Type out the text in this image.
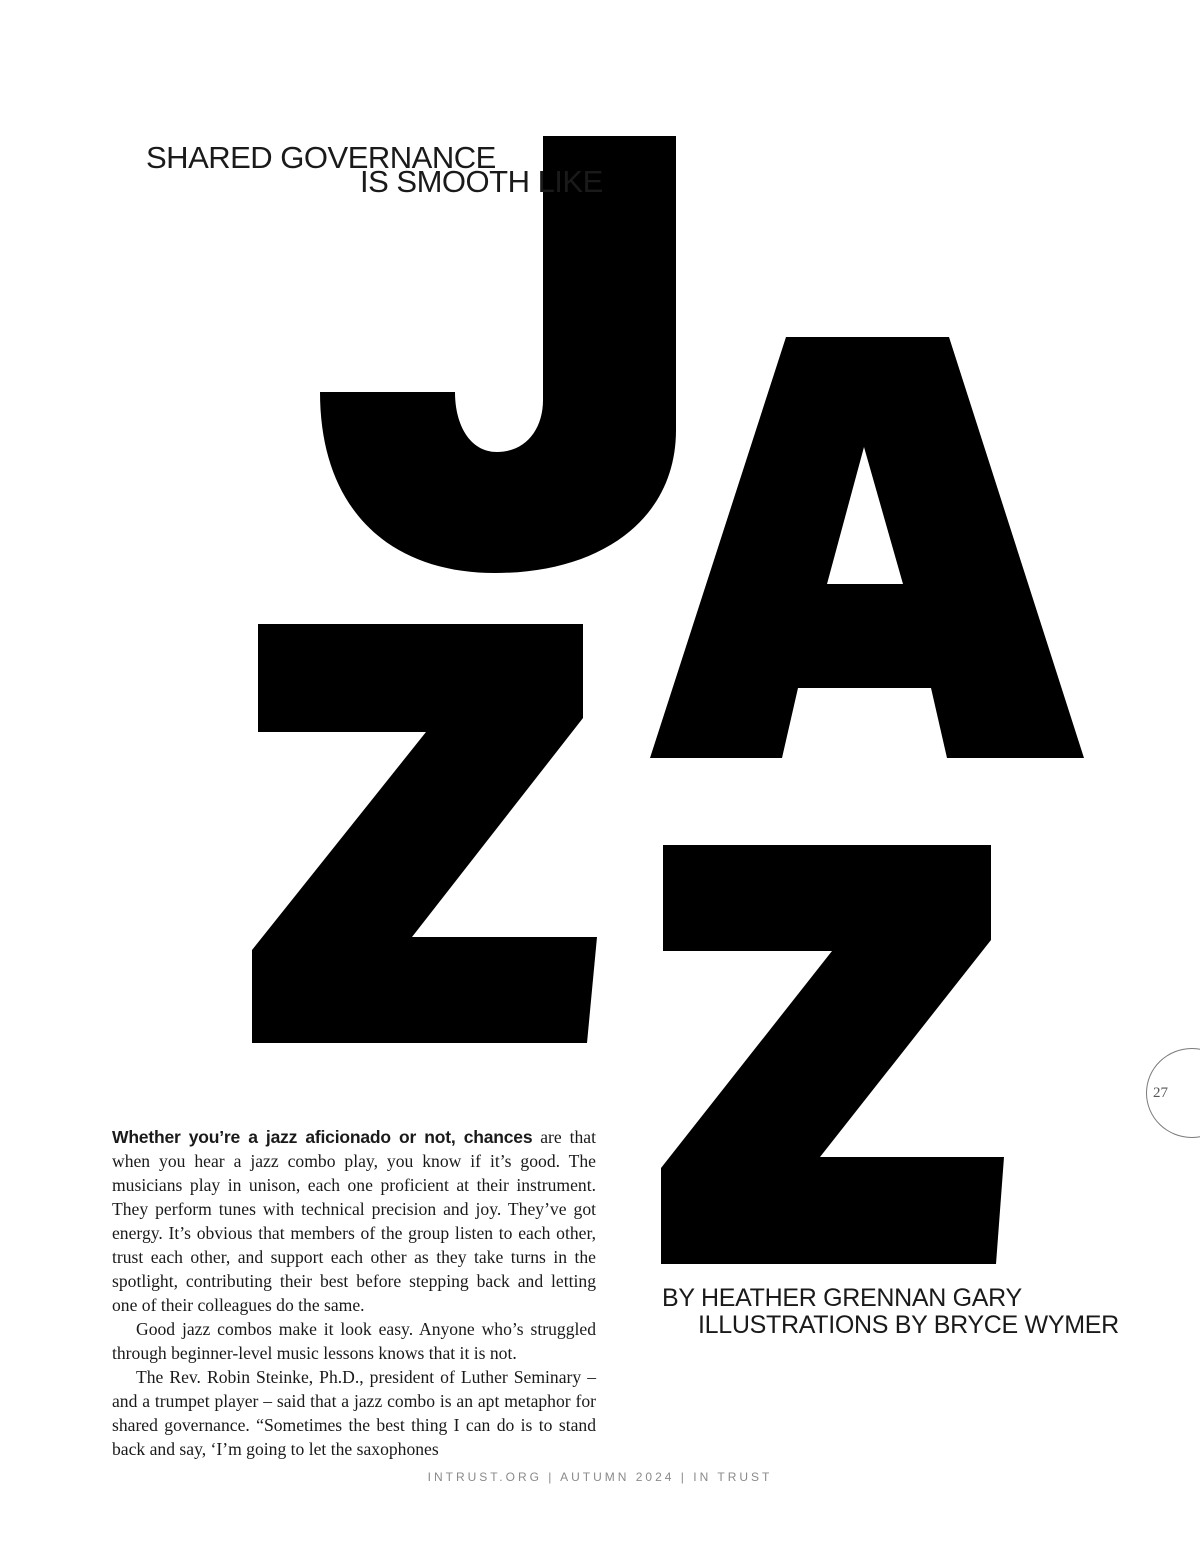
SHARED GOVERNANCE
IS SMOOTH LIKE
27

BY HEATHER GRENNAN GARY

ILLUSTRATIONS BY BRYCE WYMER

Whether you’re a jazz aficionado or not, chances are that when you hear a jazz combo play, you know if it’s good. The musicians play in unison, each one proficient at their instrument. They perform tunes with technical precision and joy. They’ve got energy. It’s obvious that members of the group listen to each other, trust each other, and support each other as they take turns in the spotlight, contributing their best before stepping back and letting one of their colleagues do the same.

Good jazz combos make it look easy. Anyone who’s struggled through beginner-level music lessons knows that it is not.

The Rev. Robin Steinke, Ph.D., president of Luther Seminary – and a trumpet player – said that a jazz combo is an apt metaphor for shared governance. “Sometimes the best thing I can do is to stand back and say, ‘I’m going to let the saxophones

INTRUST.ORG | AUTUMN 2024 | IN TRUST
